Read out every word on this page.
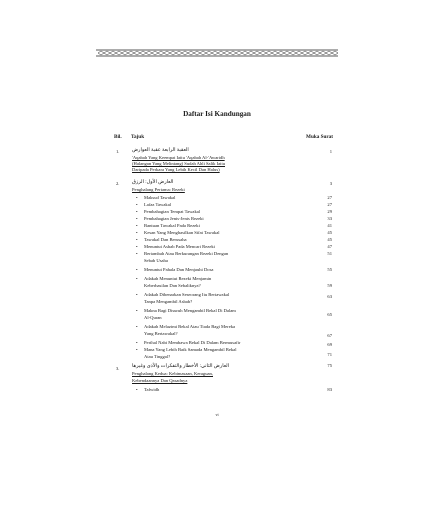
Daftar Isi Kandungan
Bil. Tajuk	Muka Surat
1.	العقبة الرابعة عقبة العوارض
'Aqabah Yang Keempat Iaitu 'Aqabah Al-'Awaridh
(Halangan Yang Melintang) Sudah Ahli Salik Iaitu
Daripada Perkara Yang Lebih Kecil Dan Halus)
1
2.	العارض الأول: الرزق
Penghalang Pertama: Rezeki
3
• Maksud Tawakal	27
• Lafaz Tawakal	27
• Pembahagian Tempat Tawakal	29
• Pembahagian Jenis-Jenis Rezeki	33
• Bantuan Tawakal Pada Rezeki	41
• Kesan Yang Menghasilkan Sifat Tawakal	45
• Tawakal Dan Berusaha	45
• Menuntut Asbab Pada Mencari Rezeki	47
• Bertambah Atau Berkurangan Rezeki Dengan
Sebab Usaha
51
• Menuntut Pahala Dan Menjauhi Dosa	55
• Adakah Menuntut Rezeki Menjamin
Keberhasilan Dan Sebaliknya?	59
• Adakah Dibenarkan Seseorang Itu Bertawakal
Tanpa Mengambil Asbab?
63
• Makna Bagi Disuruh Mengambil Bekal Di Dalam
Al-Quran
65
• Adakah Melazimi Bekal Atau Tiada Bagi Mereka
Yang Bertawakal?	67
• Perihal Nabi Membawa Bekal Di Dalam Bermusafir	69
• Mana Yang Lebih Baik Samada Mengambil Bekal
Atau Tinggal?	71
3.	العارض الثاني: الأخطار والتفكرات والأذى وغيرها
Penghalang Kedua: Kebimasaan, Keraguan,
Kebendaannya Dan Qasadnya
75
• Tafwidh	83
vi
